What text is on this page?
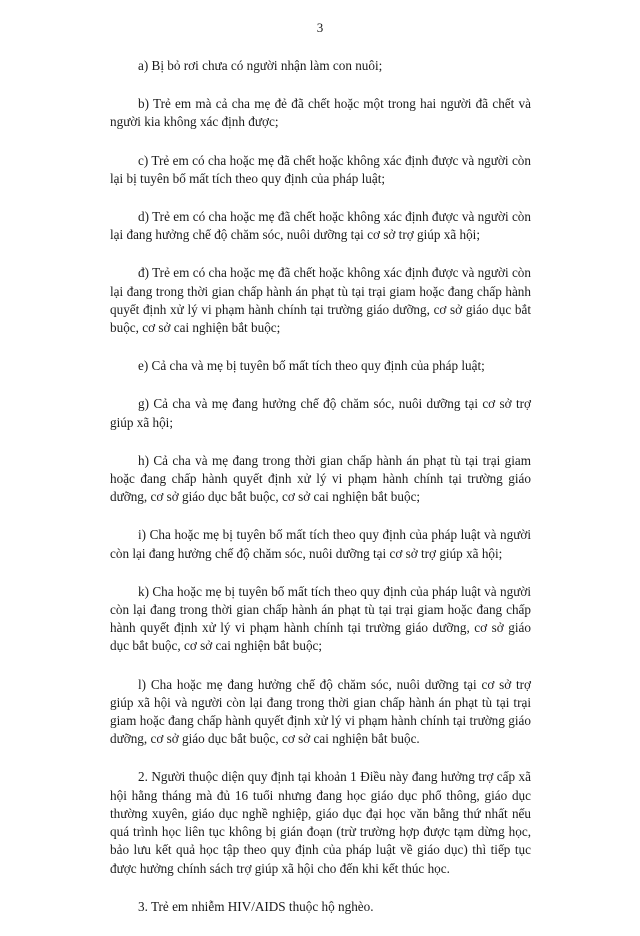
3

a) Bị bỏ rơi chưa có người nhận làm con nuôi;

b) Trẻ em mà cả cha mẹ đẻ đã chết hoặc một trong hai người đã chết và người kia không xác định được;

c) Trẻ em có cha hoặc mẹ đã chết hoặc không xác định được và người còn lại bị tuyên bố mất tích theo quy định của pháp luật;

d) Trẻ em có cha hoặc mẹ đã chết hoặc không xác định được và người còn lại đang hưởng chế độ chăm sóc, nuôi dưỡng tại cơ sở trợ giúp xã hội;

đ) Trẻ em có cha hoặc mẹ đã chết hoặc không xác định được và người còn lại đang trong thời gian chấp hành án phạt tù tại trại giam hoặc đang chấp hành quyết định xử lý vi phạm hành chính tại trường giáo dưỡng, cơ sở giáo dục bắt buộc, cơ sở cai nghiện bắt buộc;

e) Cả cha và mẹ bị tuyên bố mất tích theo quy định của pháp luật;

g) Cả cha và mẹ đang hưởng chế độ chăm sóc, nuôi dưỡng tại cơ sở trợ giúp xã hội;

h) Cả cha và mẹ đang trong thời gian chấp hành án phạt tù tại trại giam hoặc đang chấp hành quyết định xử lý vi phạm hành chính tại trường giáo dưỡng, cơ sở giáo dục bắt buộc, cơ sở cai nghiện bắt buộc;

i) Cha hoặc mẹ bị tuyên bố mất tích theo quy định của pháp luật và người còn lại đang hưởng chế độ chăm sóc, nuôi dưỡng tại cơ sở trợ giúp xã hội;

k) Cha hoặc mẹ bị tuyên bố mất tích theo quy định của pháp luật và người còn lại đang trong thời gian chấp hành án phạt tù tại trại giam hoặc đang chấp hành quyết định xử lý vi phạm hành chính tại trường giáo dưỡng, cơ sở giáo dục bắt buộc, cơ sở cai nghiện bắt buộc;

l) Cha hoặc mẹ đang hưởng chế độ chăm sóc, nuôi dưỡng tại cơ sở trợ giúp xã hội và người còn lại đang trong thời gian chấp hành án phạt tù tại trại giam hoặc đang chấp hành quyết định xử lý vi phạm hành chính tại trường giáo dưỡng, cơ sở giáo dục bắt buộc, cơ sở cai nghiện bắt buộc.

2. Người thuộc diện quy định tại khoản 1 Điều này đang hưởng trợ cấp xã hội hằng tháng mà đủ 16 tuổi nhưng đang học giáo dục phổ thông, giáo dục thường xuyên, giáo dục nghề nghiệp, giáo dục đại học văn bằng thứ nhất nếu quá trình học liên tục không bị gián đoạn (trừ trường hợp được tạm dừng học, bảo lưu kết quả học tập theo quy định của pháp luật về giáo dục) thì tiếp tục được hưởng chính sách trợ giúp xã hội cho đến khi kết thúc học.

3. Trẻ em nhiễm HIV/AIDS thuộc hộ nghèo.
